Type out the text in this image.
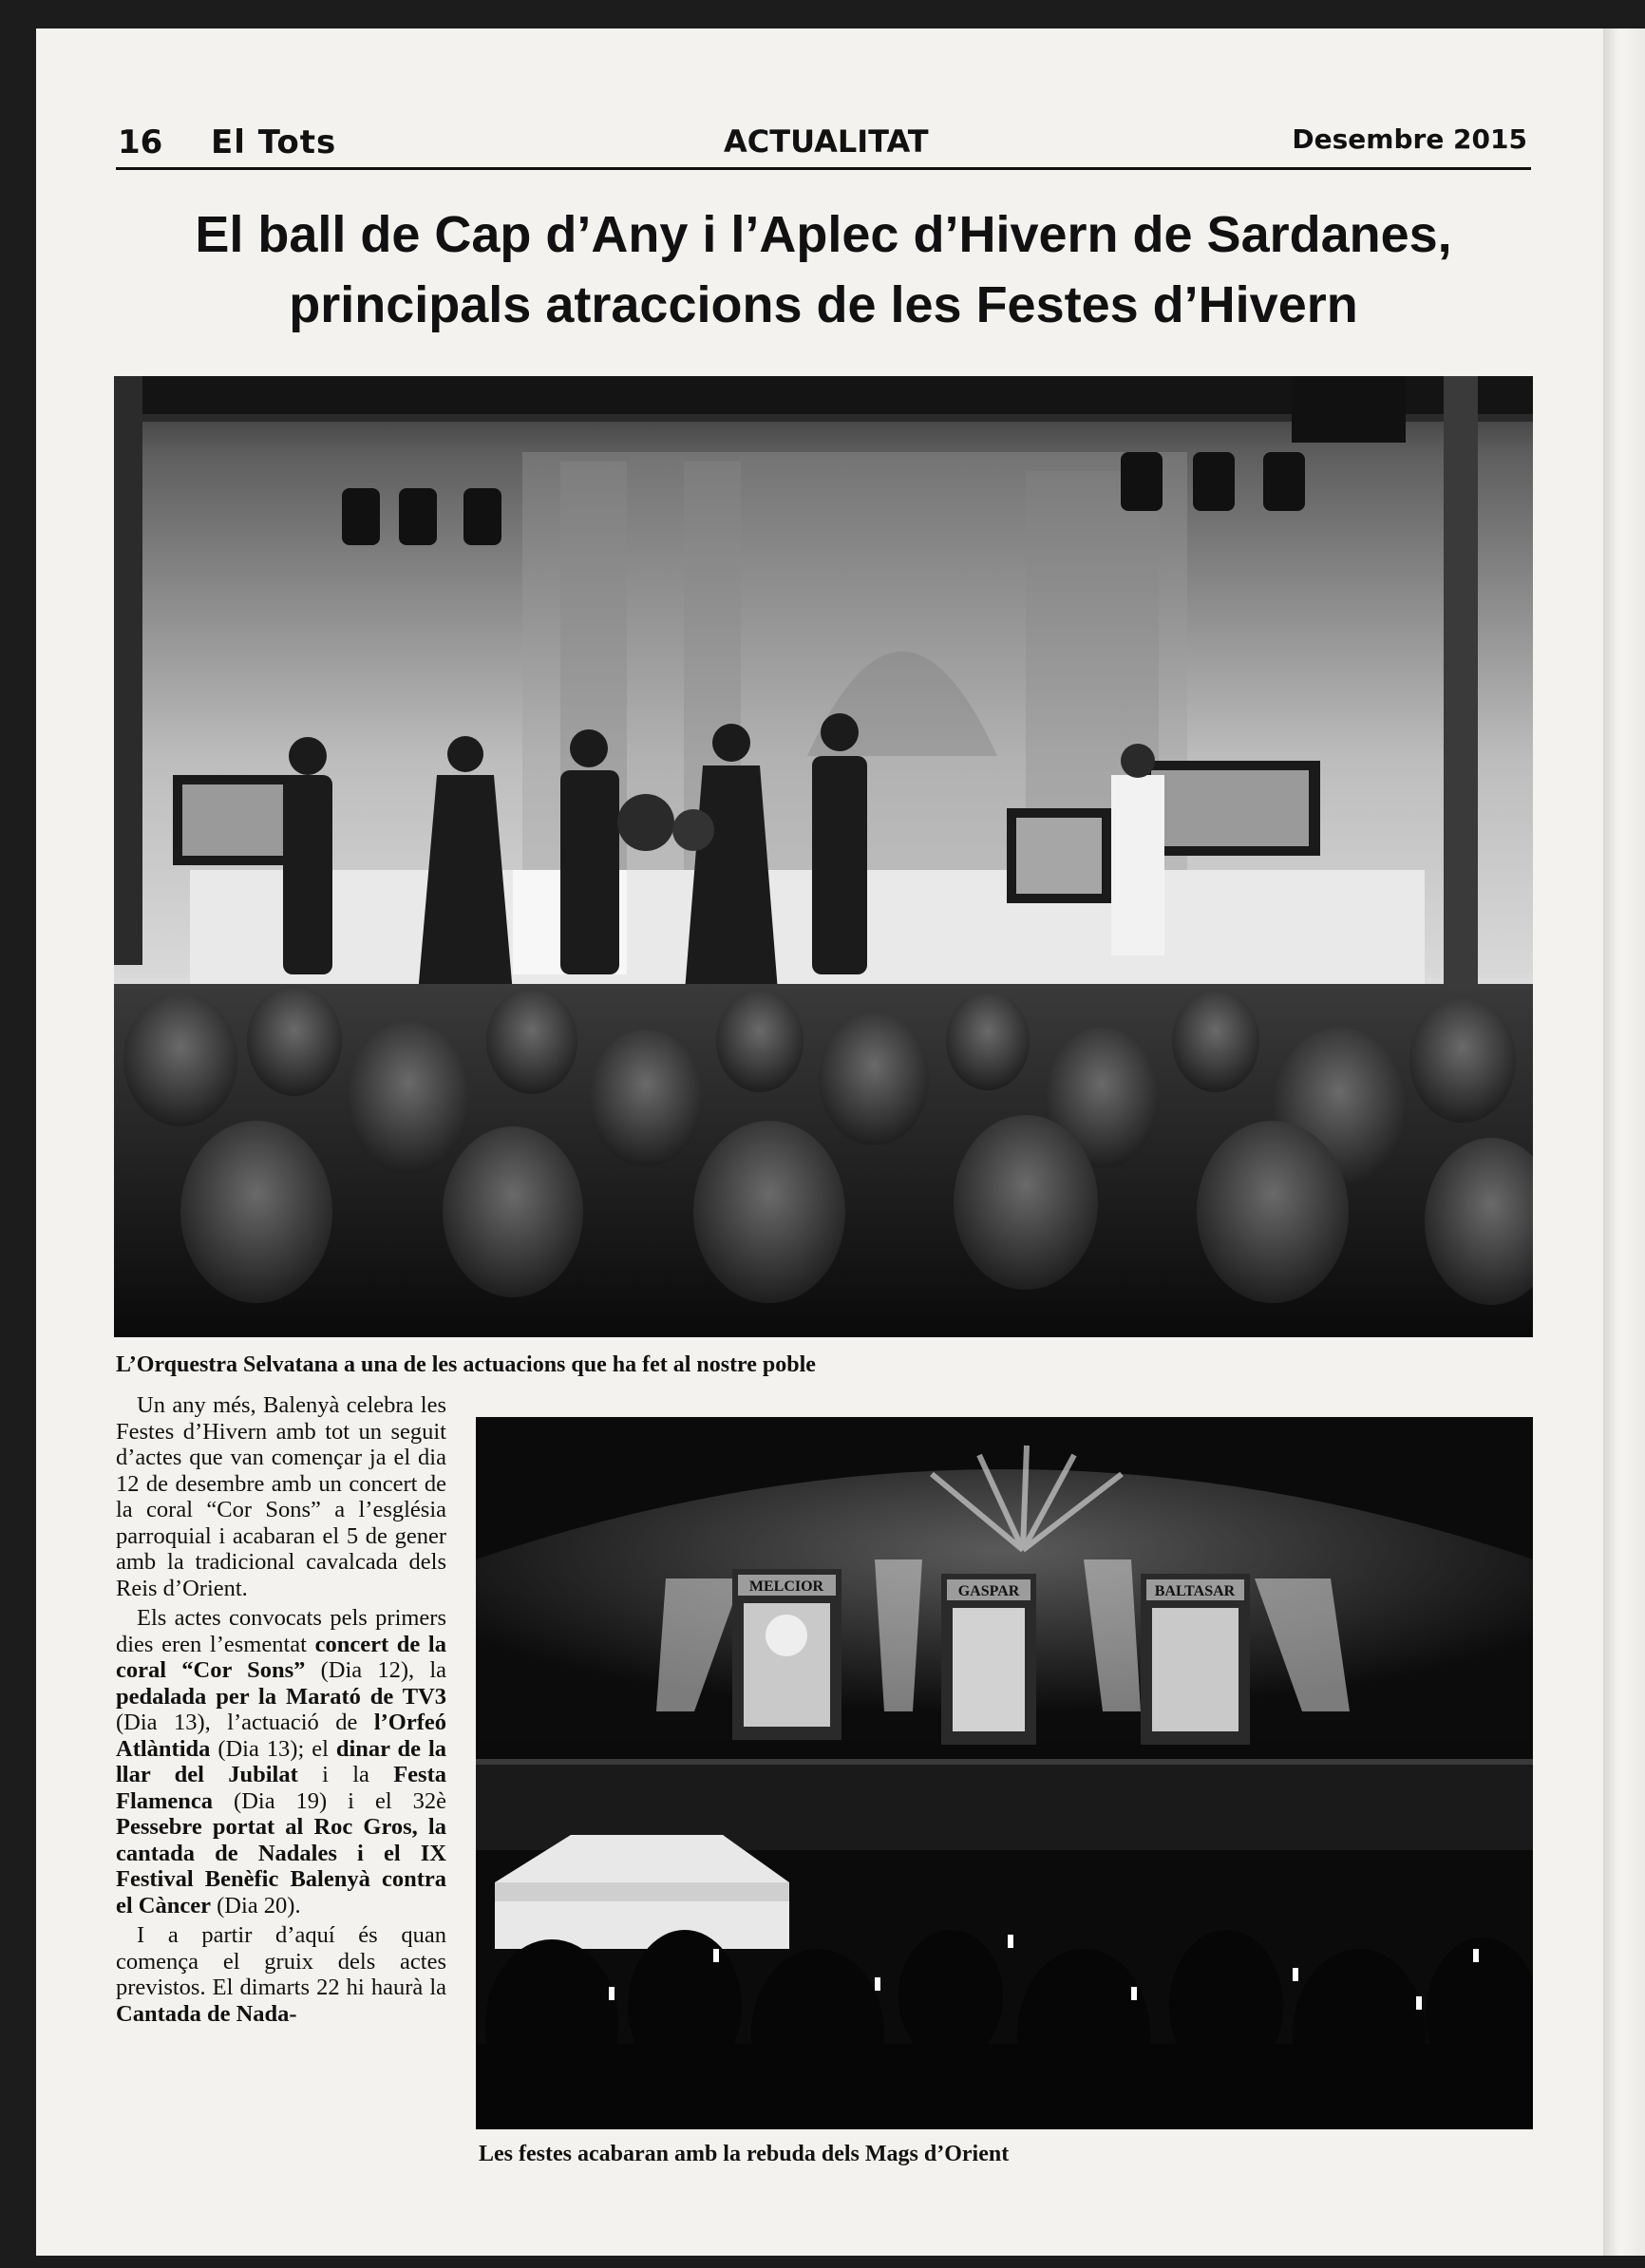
16 El Tots	ACTUALITAT	Desembre 2015
El ball de Cap d’Any i l’Aplec d’Hivern de Sardanes,
principals atraccions de les Festes d’Hivern
L’Orquestra Selvatana a una de les actuacions que ha fet al nostre poble

Un any més, Balenyà celebra les Festes d’Hivern amb tot un seguit d’actes que van començar ja el dia 12 de desembre amb un concert de la coral “Cor Sons” a l’església parroquial i acabaran el 5 de gener amb la tradicional cavalcada dels Reis d’Orient.

Els actes convocats pels primers dies eren l’esmentat concert de la coral “Cor Sons” (Dia 12), la pedalada per la Marató de TV3 (Dia 13), l’actuació de l’Orfeó Atlàntida (Dia 13); el dinar de la llar del Jubilat i la Festa Flamenca (Dia 19) i el 32è Pessebre portat al Roc Gros, la cantada de Nadales i el IX Festival Benèfic Balenyà contra el Càncer (Dia 20).

I a partir d’aquí és quan comença el gruix dels actes previstos. El dimarts 22 hi haurà la Cantada de Nada-

MELCIOR	GASPAR	BALTASAR
Les festes acabaran amb la rebuda dels Mags d’Orient
